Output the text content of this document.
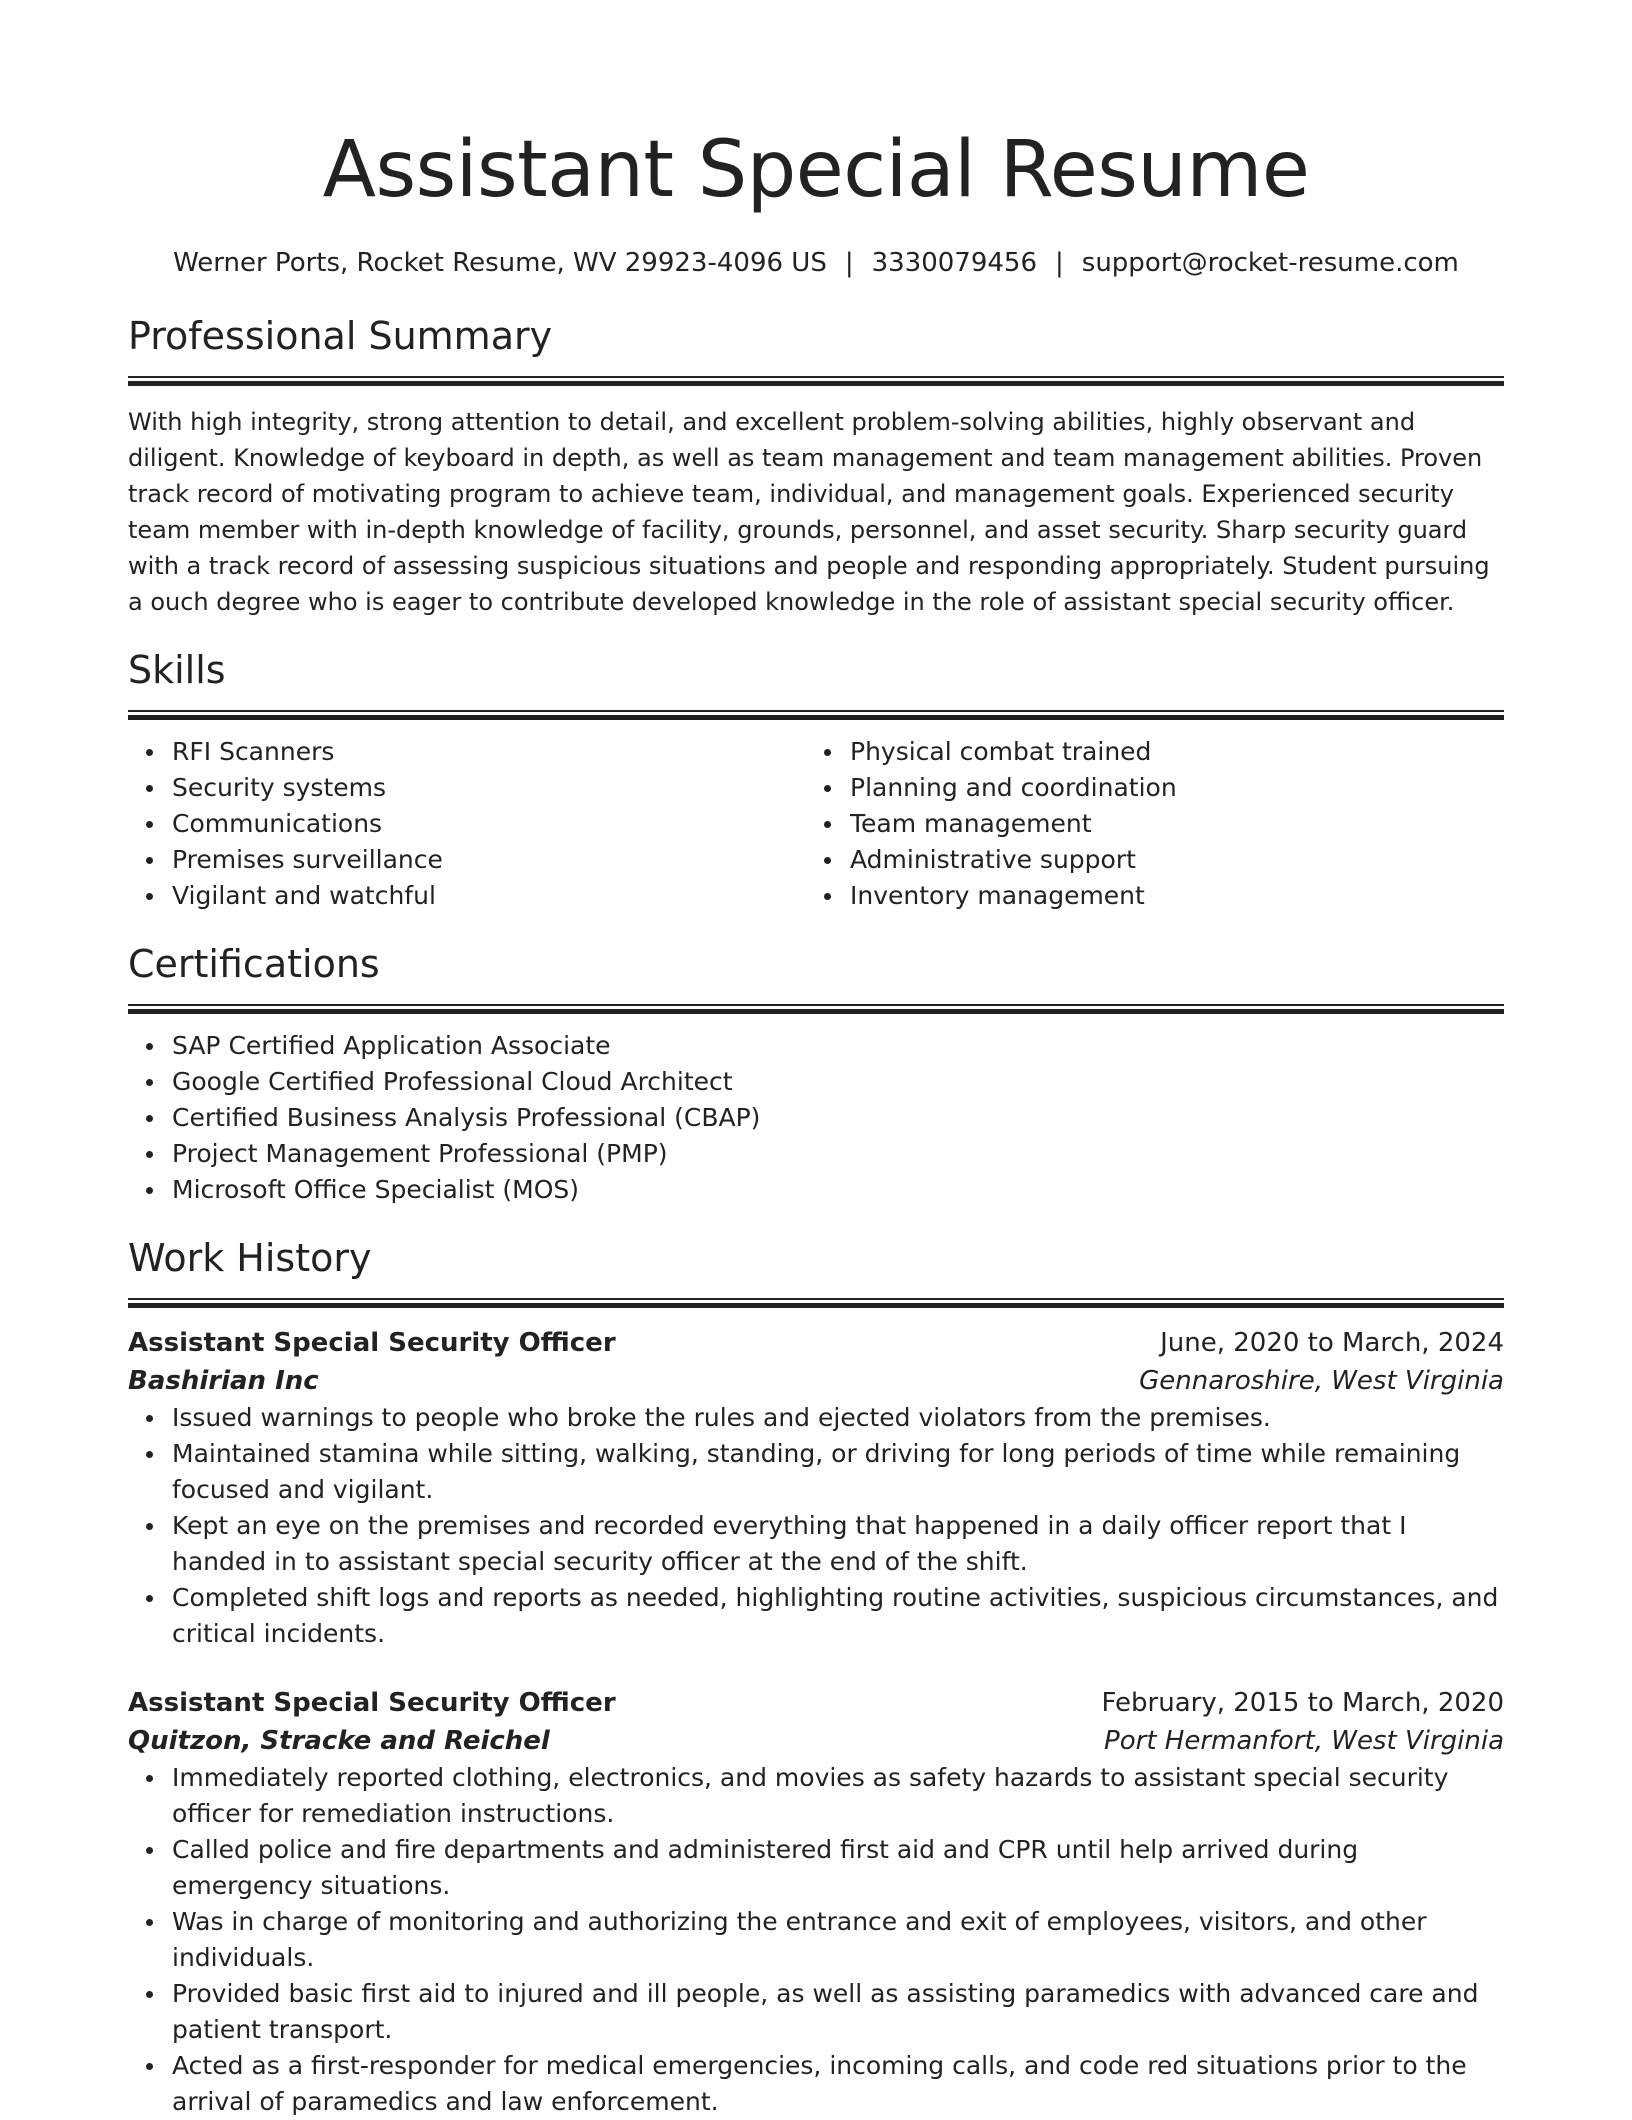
Assistant Special Resume
Werner Ports, Rocket Resume, WV 29923-4096 US | 3330079456 | support@rocket-resume.com
Professional Summary

With high integrity, strong attention to detail, and excellent problem-solving abilities, highly observant and diligent. Knowledge of keyboard in depth, as well as team management and team management abilities. Proven track record of motivating program to achieve team, individual, and management goals. Experienced security team member with in-depth knowledge of facility, grounds, personnel, and asset security. Sharp security guard with a track record of assessing suspicious situations and people and responding appropriately. Student pursuing a ouch degree who is eager to contribute developed knowledge in the role of assistant special security officer.

Skills
RFI Scanners
Security systems
Communications
Premises surveillance
Vigilant and watchful
Physical combat trained
Planning and coordination
Team management
Administrative support
Inventory management
Certifications
SAP Certified Application Associate
Google Certified Professional Cloud Architect
Certified Business Analysis Professional (CBAP)
Project Management Professional (PMP)
Microsoft Office Specialist (MOS)
Work History
Assistant Special Security Officer	June, 2020 to March, 2024
Bashirian Inc	Gennaroshire, West Virginia
Issued warnings to people who broke the rules and ejected violators from the premises.
Maintained stamina while sitting, walking, standing, or driving for long periods of time while remaining focused and vigilant.
Kept an eye on the premises and recorded everything that happened in a daily officer report that I handed in to assistant special security officer at the end of the shift.
Completed shift logs and reports as needed, highlighting routine activities, suspicious circumstances, and critical incidents.
Assistant Special Security Officer	February, 2015 to March, 2020
Quitzon, Stracke and Reichel	Port Hermanfort, West Virginia
Immediately reported clothing, electronics, and movies as safety hazards to assistant special security officer for remediation instructions.
Called police and fire departments and administered first aid and CPR until help arrived during emergency situations.
Was in charge of monitoring and authorizing the entrance and exit of employees, visitors, and other individuals.
Provided basic first aid to injured and ill people, as well as assisting paramedics with advanced care and patient transport.
Acted as a first-responder for medical emergencies, incoming calls, and code red situations prior to the arrival of paramedics and law enforcement.
